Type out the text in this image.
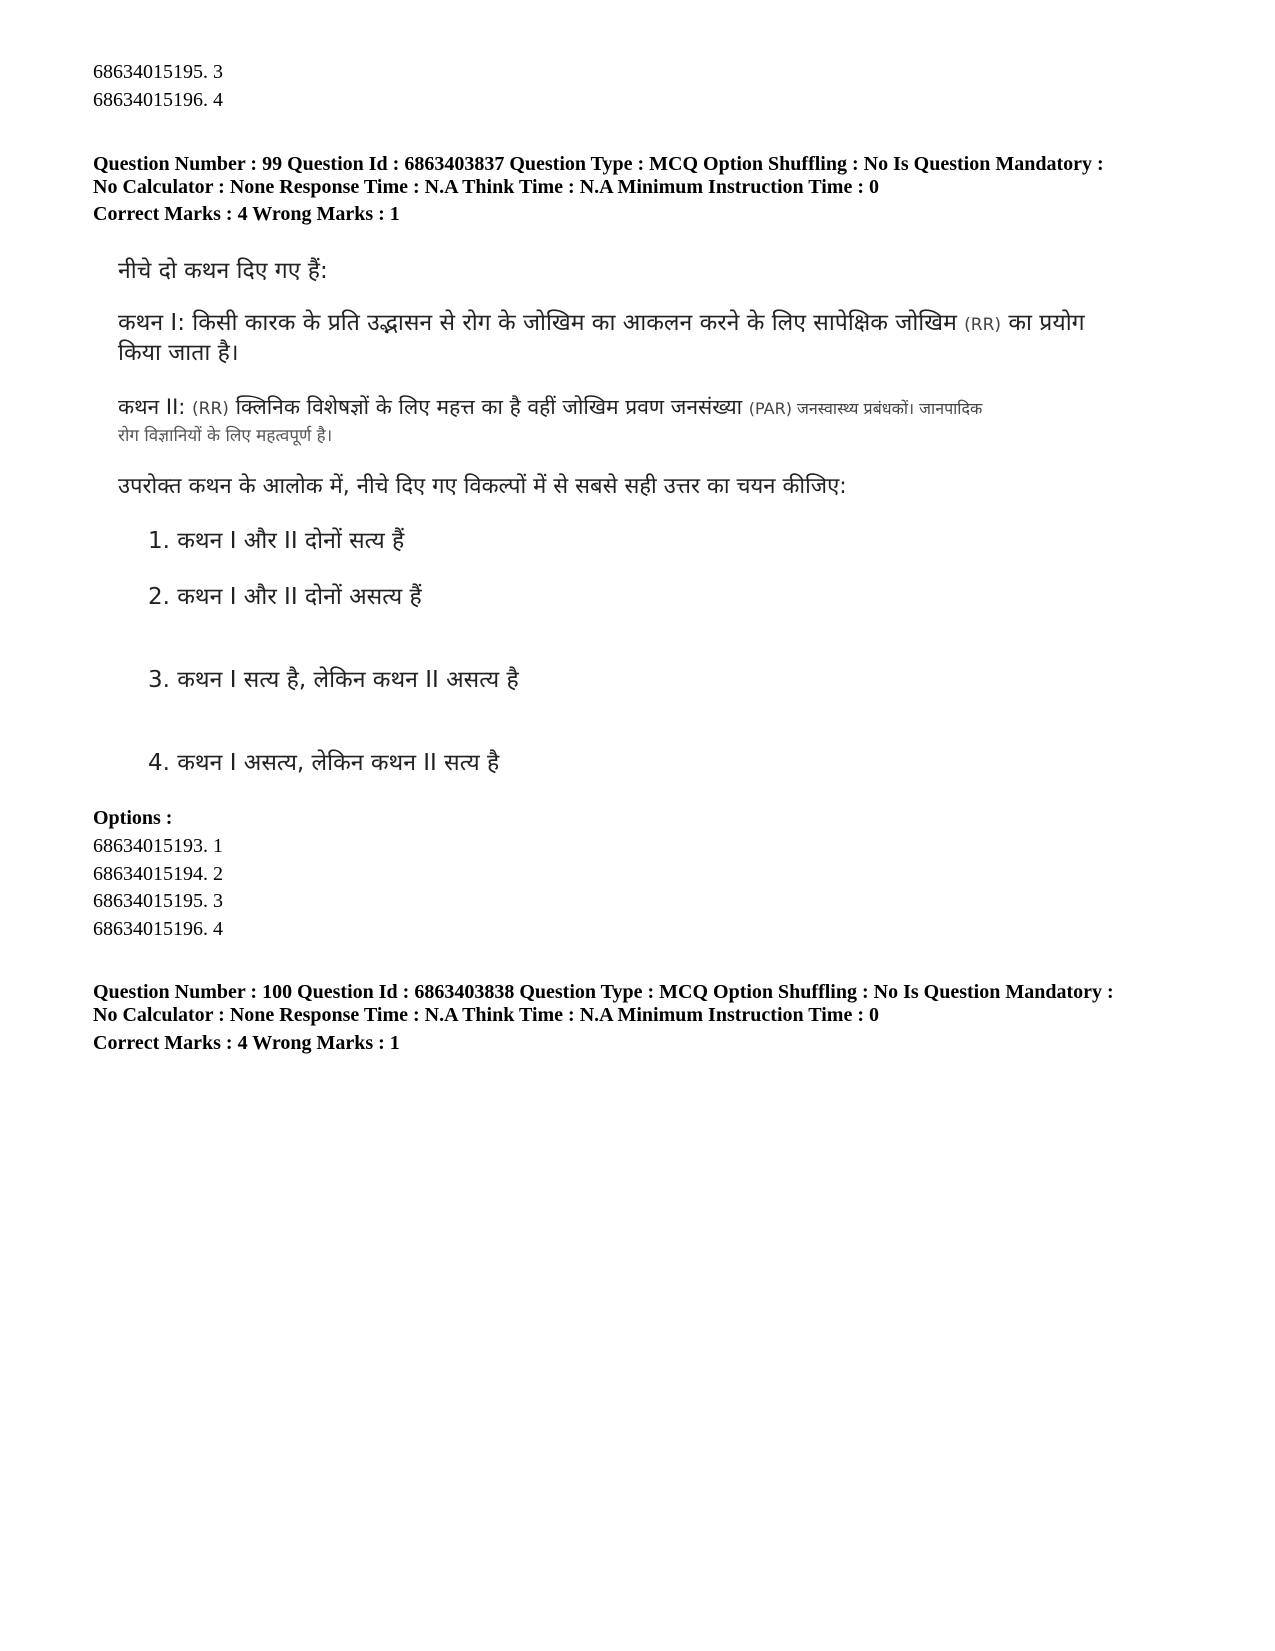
68634015195. 3
68634015196. 4
Question Number : 99 Question Id : 6863403837 Question Type : MCQ Option Shuffling : No Is Question Mandatory :
No Calculator : None Response Time : N.A Think Time : N.A Minimum Instruction Time : 0
Correct Marks : 4 Wrong Marks : 1
नीचे दो कथन दिए गए हैं:
कथन I: किसी कारक के प्रति उद्भासन से रोग के जोखिम का आकलन करने के लिए सापेक्षिक जोखिम (RR) का प्रयोग
किया जाता है।
कथन II: (RR) क्लिनिक विशेषज्ञों के लिए महत्त का है वहीं जोखिम प्रवण जनसंख्या (PAR) जनस्वास्थ्य प्रबंधकों। जानपादिक
रोग विज्ञानियों के लिए महत्वपूर्ण है।
उपरोक्त कथन के आलोक में, नीचे दिए गए विकल्पों में से सबसे सही उत्तर का चयन कीजिए:
1. कथन I और II दोनों सत्य हैं
2. कथन I और II दोनों असत्य हैं
3. कथन I सत्य है, लेकिन कथन II असत्य है
4. कथन I असत्य, लेकिन कथन II सत्य है
Options :
68634015193. 1
68634015194. 2
68634015195. 3
68634015196. 4
Question Number : 100 Question Id : 6863403838 Question Type : MCQ Option Shuffling : No Is Question Mandatory :
No Calculator : None Response Time : N.A Think Time : N.A Minimum Instruction Time : 0
Correct Marks : 4 Wrong Marks : 1
